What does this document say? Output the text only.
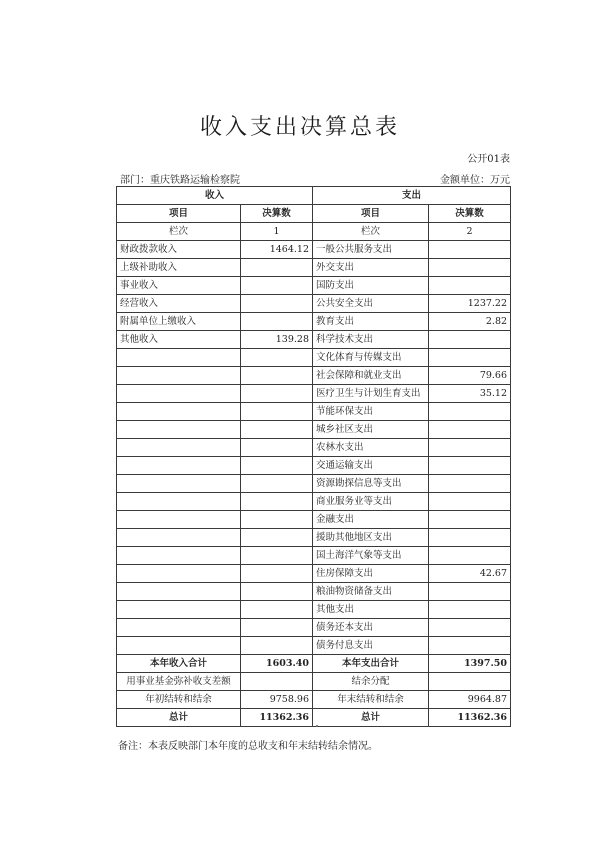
收入支出决算总表
公开01表
部门：重庆铁路运输检察院	金额单位：万元
收入		支出	
项目	决算数	项目	决算数
栏次	1	栏次	2
财政拨款收入	1464.12	一般公共服务支出	
上级补助收入		外交支出	
事业收入		国防支出	
经营收入		公共安全支出	1237.22
附属单位上缴收入		教育支出	2.82
其他收入	139.28	科学技术支出	
		文化体育与传媒支出	
		社会保障和就业支出	79.66
		医疗卫生与计划生育支出	35.12
		节能环保支出	
		城乡社区支出	
		农林水支出	
		交通运输支出	
		资源勘探信息等支出	
		商业服务业等支出	
		金融支出	
		援助其他地区支出	
		国土海洋气象等支出	
		住房保障支出	42.67
		粮油物资储备支出	
		其他支出	
		债务还本支出	
		债务付息支出	
本年收入合计	1603.40	本年支出合计	1397.50
用事业基金弥补收支差额		结余分配	
年初结转和结余	9758.96	年末结转和结余	9964.87
总计	11362.36	总计	11362.36
备注：本表反映部门本年度的总收支和年末结转结余情况。
